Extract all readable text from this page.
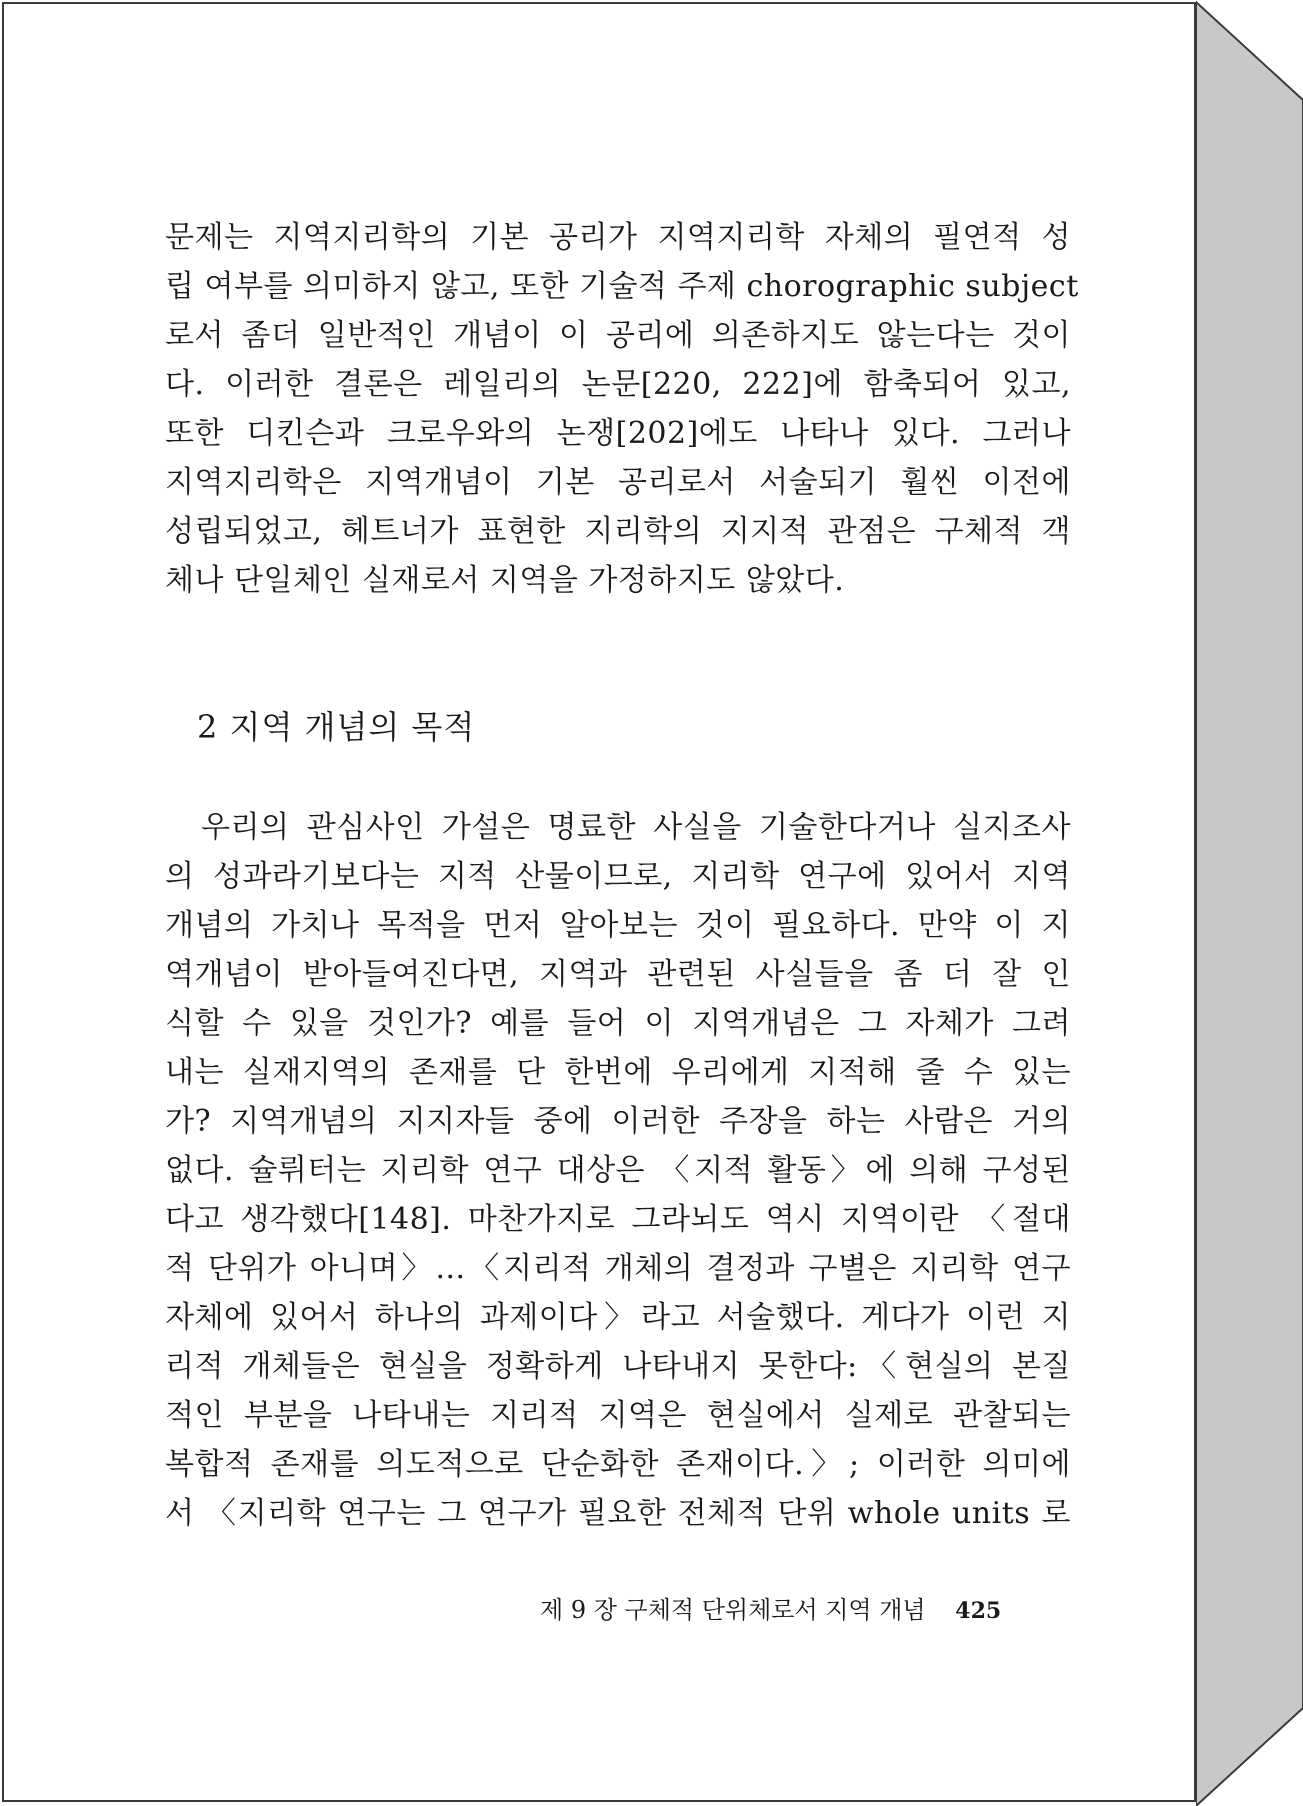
문제는 지역지리학의 기본 공리가 지역지리학 자체의 필연적 성
립 여부를 의미하지 않고, 또한 기술적 주제 chorographic subject
로서 좀더 일반적인 개념이 이 공리에 의존하지도 않는다는 것이
다. 이러한 결론은 레일리의 논문[220, 222]에 함축되어 있고,
또한 디킨슨과 크로우와의 논쟁[202]에도 나타나 있다. 그러나
지역지리학은 지역개념이 기본 공리로서 서술되기 훨씬 이전에
성립되었고, 헤트너가 표현한 지리학의 지지적 관점은 구체적 객
체나 단일체인 실재로서 지역을 가정하지도 않았다.
2 지역 개념의 목적
우리의 관심사인 가설은 명료한 사실을 기술한다거나 실지조사
의 성과라기보다는 지적 산물이므로, 지리학 연구에 있어서 지역
개념의 가치나 목적을 먼저 알아보는 것이 필요하다. 만약 이 지
역개념이 받아들여진다면, 지역과 관련된 사실들을 좀 더 잘 인
식할 수 있을 것인가? 예를 들어 이 지역개념은 그 자체가 그려
내는 실재지역의 존재를 단 한번에 우리에게 지적해 줄 수 있는
가? 지역개념의 지지자들 중에 이러한 주장을 하는 사람은 거의
없다. 슐뤼터는 지리학 연구 대상은 〈지적 활동〉에 의해 구성된
다고 생각했다[148]. 마찬가지로 그라뇌도 역시 지역이란 〈절대
적 단위가 아니며〉…〈지리적 개체의 결정과 구별은 지리학 연구
자체에 있어서 하나의 과제이다〉라고 서술했다. 게다가 이런 지
리적 개체들은 현실을 정확하게 나타내지 못한다:〈현실의 본질
적인 부분을 나타내는 지리적 지역은 현실에서 실제로 관찰되는
복합적 존재를 의도적으로 단순화한 존재이다.〉; 이러한 의미에
서 〈지리학 연구는 그 연구가 필요한 전체적 단위 whole units 로
제 9 장 구체적 단위체로서 지역 개념 425
